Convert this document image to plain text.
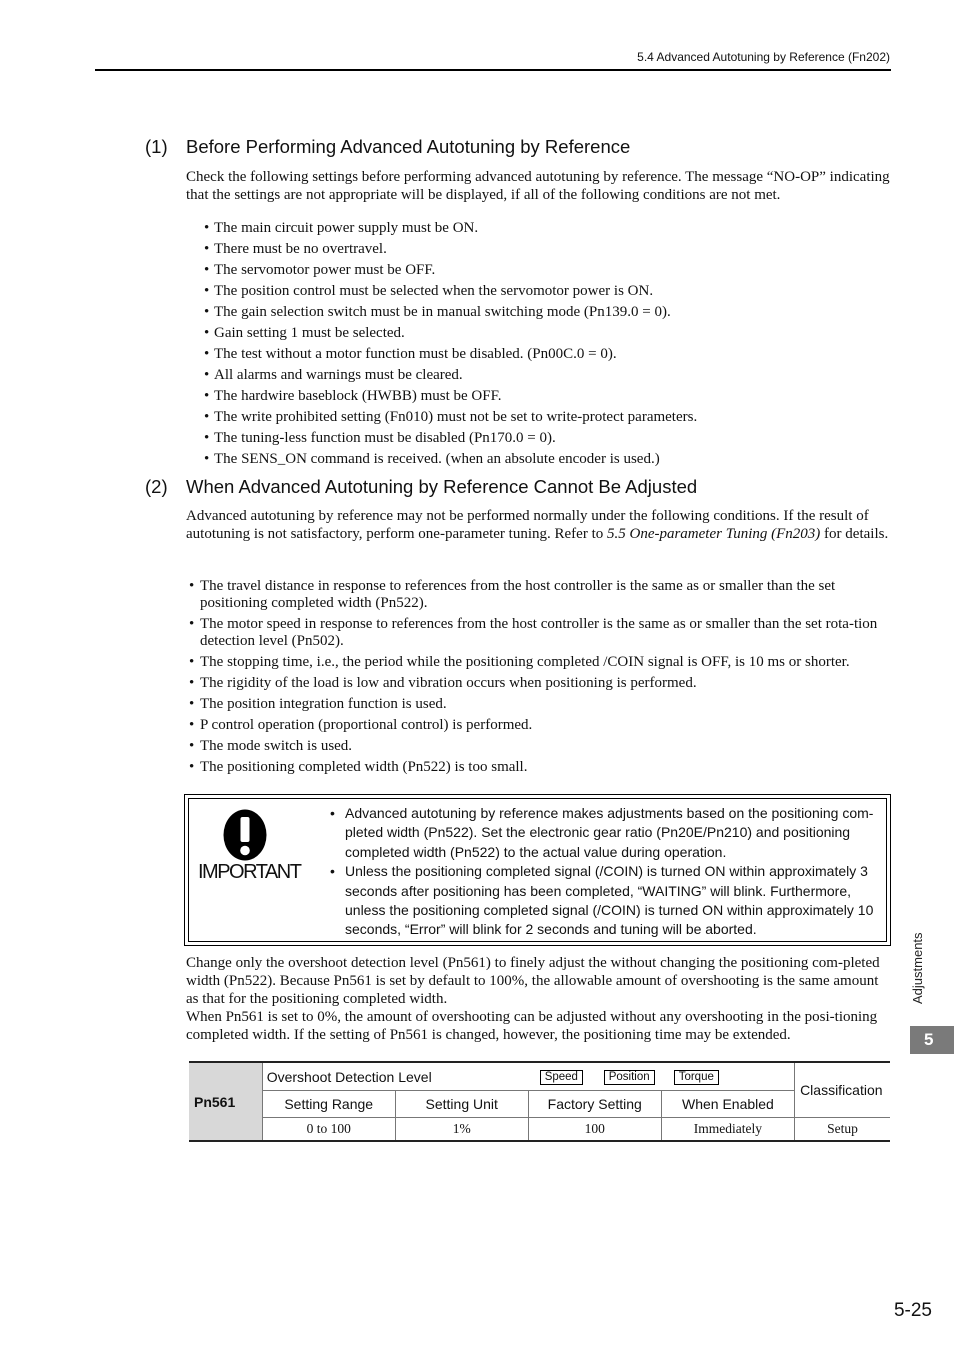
5.4 Advanced Autotuning by Reference (Fn202)
(1) Before Performing Advanced Autotuning by Reference

Check the following settings before performing advanced autotuning by reference. The message “NO-OP” indicating that the settings are not appropriate will be displayed, if all of the following conditions are not met.

• The main circuit power supply must be ON.
• There must be no overtravel.
• The servomotor power must be OFF.
• The position control must be selected when the servomotor power is ON.
• The gain selection switch must be in manual switching mode (Pn139.0 = 0).
• Gain setting 1 must be selected.
• The test without a motor function must be disabled. (Pn00C.0 = 0).
• All alarms and warnings must be cleared.
• The hardwire baseblock (HWBB) must be OFF.
• The write prohibited setting (Fn010) must not be set to write-protect parameters.
• The tuning-less function must be disabled (Pn170.0 = 0).
• The SENS_ON command is received. (when an absolute encoder is used.)
(2) When Advanced Autotuning by Reference Cannot Be Adjusted

Advanced autotuning by reference may not be performed normally under the following conditions. If the result of autotuning is not satisfactory, perform one-parameter tuning. Refer to 5.5 One-parameter Tuning (Fn203) for details.

• The travel distance in response to references from the host controller is the same as or smaller than the set positioning completed width (Pn522).
• The motor speed in response to references from the host controller is the same as or smaller than the set rota-tion detection level (Pn502).
• The stopping time, i.e., the period while the positioning completed /COIN signal is OFF, is 10 ms or shorter.
• The rigidity of the load is low and vibration occurs when positioning is performed.
• The position integration function is used.
• P control operation (proportional control) is performed.
• The mode switch is used.
• The positioning completed width (Pn522) is too small.
IMPORTANT
• Advanced autotuning by reference makes adjustments based on the positioning com-pleted width (Pn522). Set the electronic gear ratio (Pn20E/Pn210) and positioning completed width (Pn522) to the actual value during operation.
• Unless the positioning completed signal (/COIN) is turned ON within approximately 3 seconds after positioning has been completed, “WAITING” will blink. Furthermore, unless the positioning completed signal (/COIN) is turned ON within approximately 10 seconds, “Error” will blink for 2 seconds and tuning will be aborted.

Change only the overshoot detection level (Pn561) to finely adjust the without changing the positioning com-pleted width (Pn522). Because Pn561 is set by default to 100%, the allowable amount of overshooting is the same amount as that for the positioning completed width.
When Pn561 is set to 0%, the amount of overshooting can be adjusted without any overshooting in the posi-tioning completed width. If the setting of Pn561 is changed, however, the positioning time may be extended.

Pn561	Overshoot Detection Level Speed Position Torque				Classification
	Setting Range	Setting Unit	Factory Setting	When Enabled	
	0 to 100	1%	100	Immediately	Setup
Adjustments
5
5-25
